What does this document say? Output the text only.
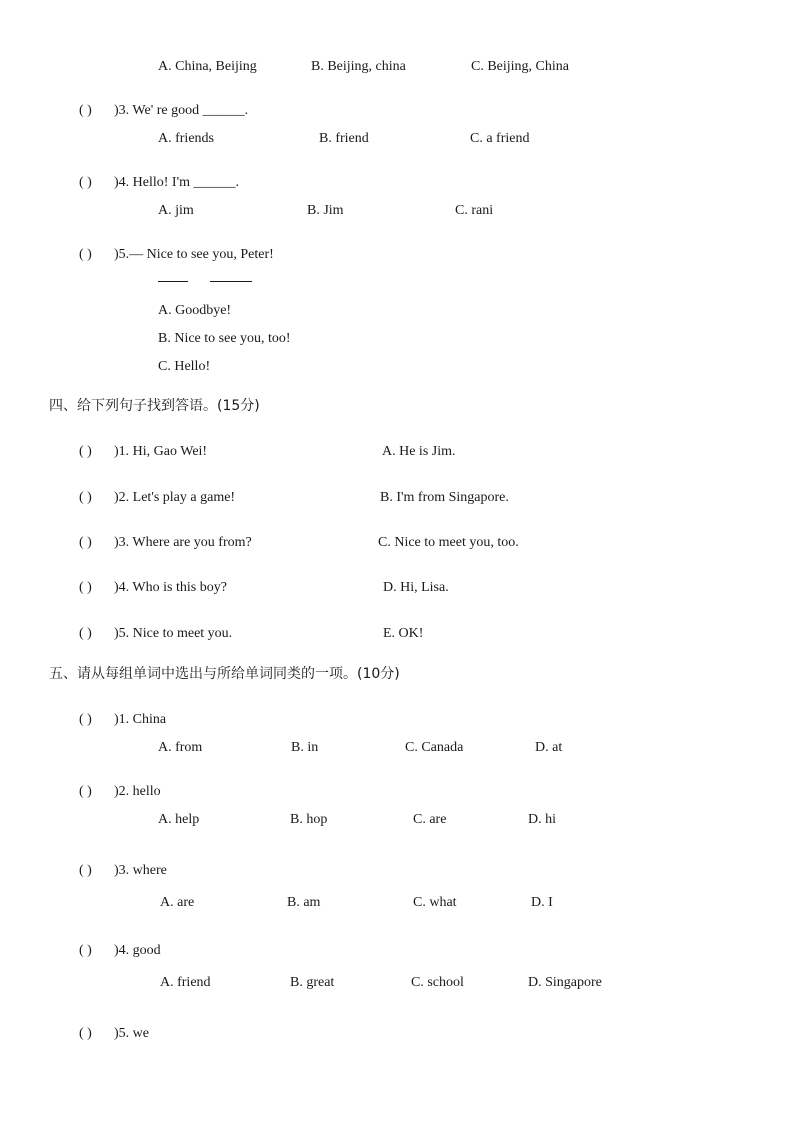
A. China, Beijing	B. Beijing, china	C. Beijing, China
( ) )3. We' re good ______.
A. friends	B. friend	C. a friend
( ) )4. Hello! I'm ______.
A. jim	B. Jim	C. rani
( ) )5.— Nice to see you, Peter!
A. Goodbye!
B. Nice to see you, too!
C. Hello!
四、给下列句子找到答语。(15分)
( ) )1. Hi, Gao Wei!	A. He is Jim.
( ) )2. Let's play a game!	B. I'm from Singapore.
( ) )3. Where are you from?	C. Nice to meet you, too.
( ) )4. Who is this boy?	D. Hi, Lisa.
( ) )5. Nice to meet you.	E. OK!
五、请从每组单词中选出与所给单词同类的一项。(10分)
( ) )1. China
A. from	B. in	C. Canada	D. at
( ) )2. hello
A. help	B. hop	C. are	D. hi
( ) )3. where
A. are	B. am	C. what	D. I
( ) )4. good
A. friend	B. great	C. school	D. Singapore
( ) )5. we
